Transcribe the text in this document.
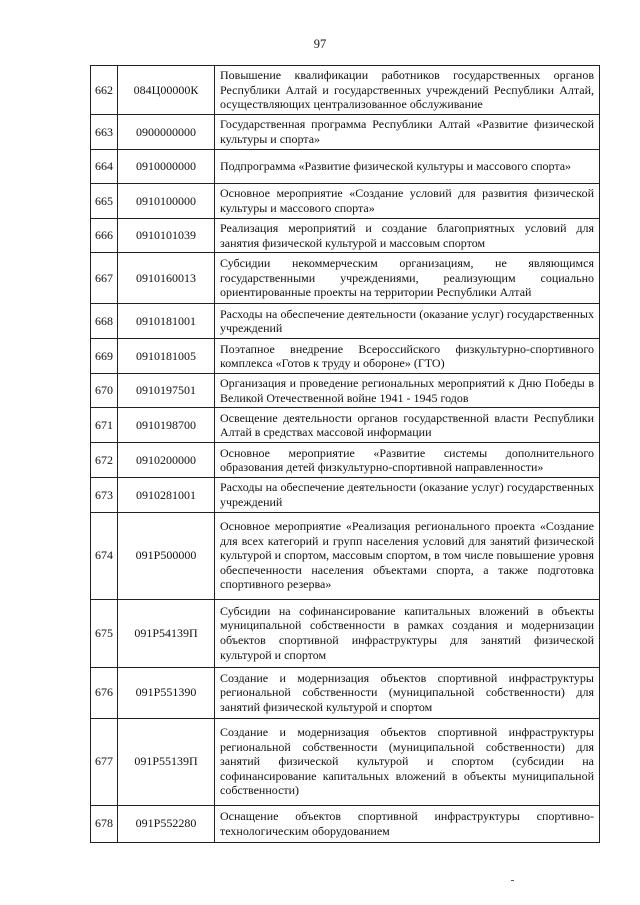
97
662	084Ц00000К	Повышение квалификации работников государственных органов Республики Алтай и государственных учреждений Республики Алтай, осуществляющих централизованное обслуживание
663	0900000000	Государственная программа Республики Алтай «Развитие физической культуры и спорта»
664	0910000000	Подпрограмма «Развитие физической культуры и массового спорта»
665	0910100000	Основное мероприятие «Создание условий для развития физической культуры и массового спорта»
666	0910101039	Реализация мероприятий и создание благоприятных условий для занятия физической культурой и массовым спортом
667	0910160013	Субсидии некоммерческим организациям, не являющимся государственными учреждениями, реализующим социально ориентированные проекты на территории Республики Алтай
668	0910181001	Расходы на обеспечение деятельности (оказание услуг) государственных учреждений
669	0910181005	Поэтапное внедрение Всероссийского физкультурно-спортивного комплекса «Готов к труду и обороне» (ГТО)
670	0910197501	Организация и проведение региональных мероприятий к Дню Победы в Великой Отечественной войне 1941 - 1945 годов
671	0910198700	Освещение деятельности органов государственной власти Республики Алтай в средствах массовой информации
672	0910200000	Основное мероприятие «Развитие системы дополнительного образования детей физкультурно-спортивной направленности»
673	0910281001	Расходы на обеспечение деятельности (оказание услуг) государственных учреждений
674	091P500000	Основное мероприятие «Реализация регионального проекта «Создание для всех категорий и групп населения условий для занятий физической культурой и спортом, массовым спортом, в том числе повышение уровня обеспеченности населения объектами спорта, а также подготовка спортивного резерва»
675	091P54139П	Субсидии на софинансирование капитальных вложений в объекты муниципальной собственности в рамках создания и модернизации объектов спортивной инфраструктуры для занятий физической культурой и спортом
676	091P551390	Создание и модернизация объектов спортивной инфраструктуры региональной собственности (муниципальной собственности) для занятий физической культурой и спортом
677	091P55139П	Создание и модернизация объектов спортивной инфраструктуры региональной собственности (муниципальной собственности) для занятий физической культурой и спортом (субсидии на софинансирование капитальных вложений в объекты муниципальной собственности)
678	091P552280	Оснащение объектов спортивной инфраструктуры спортивно-технологическим оборудованием
